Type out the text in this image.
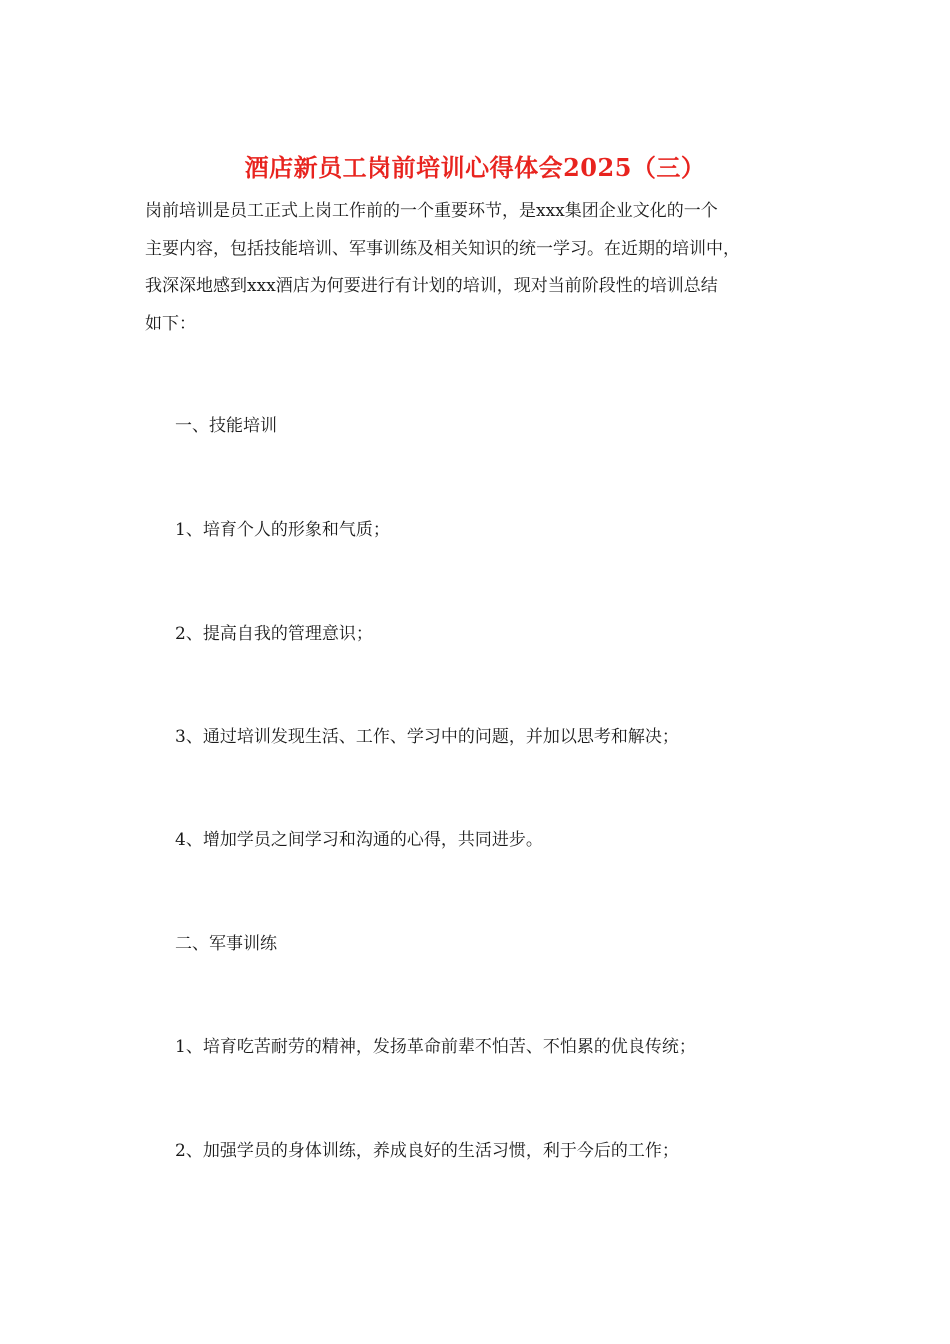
酒店新员工岗前培训心得体会2025（三）
岗前培训是员工正式上岗工作前的一个重要环节，是xxx集团企业文化的一个
主要内容，包括技能培训、军事训练及相关知识的统一学习。在近期的培训中，
我深深地感到xxx酒店为何要进行有计划的培训，现对当前阶段性的培训总结
如下：
一、技能培训
1、培育个人的形象和气质；
2、提高自我的管理意识；
3、通过培训发现生活、工作、学习中的问题，并加以思考和解决；
4、增加学员之间学习和沟通的心得，共同进步。
二、军事训练
1、培育吃苦耐劳的精神，发扬革命前辈不怕苦、不怕累的优良传统；
2、加强学员的身体训练，养成良好的生活习惯，利于今后的工作；
